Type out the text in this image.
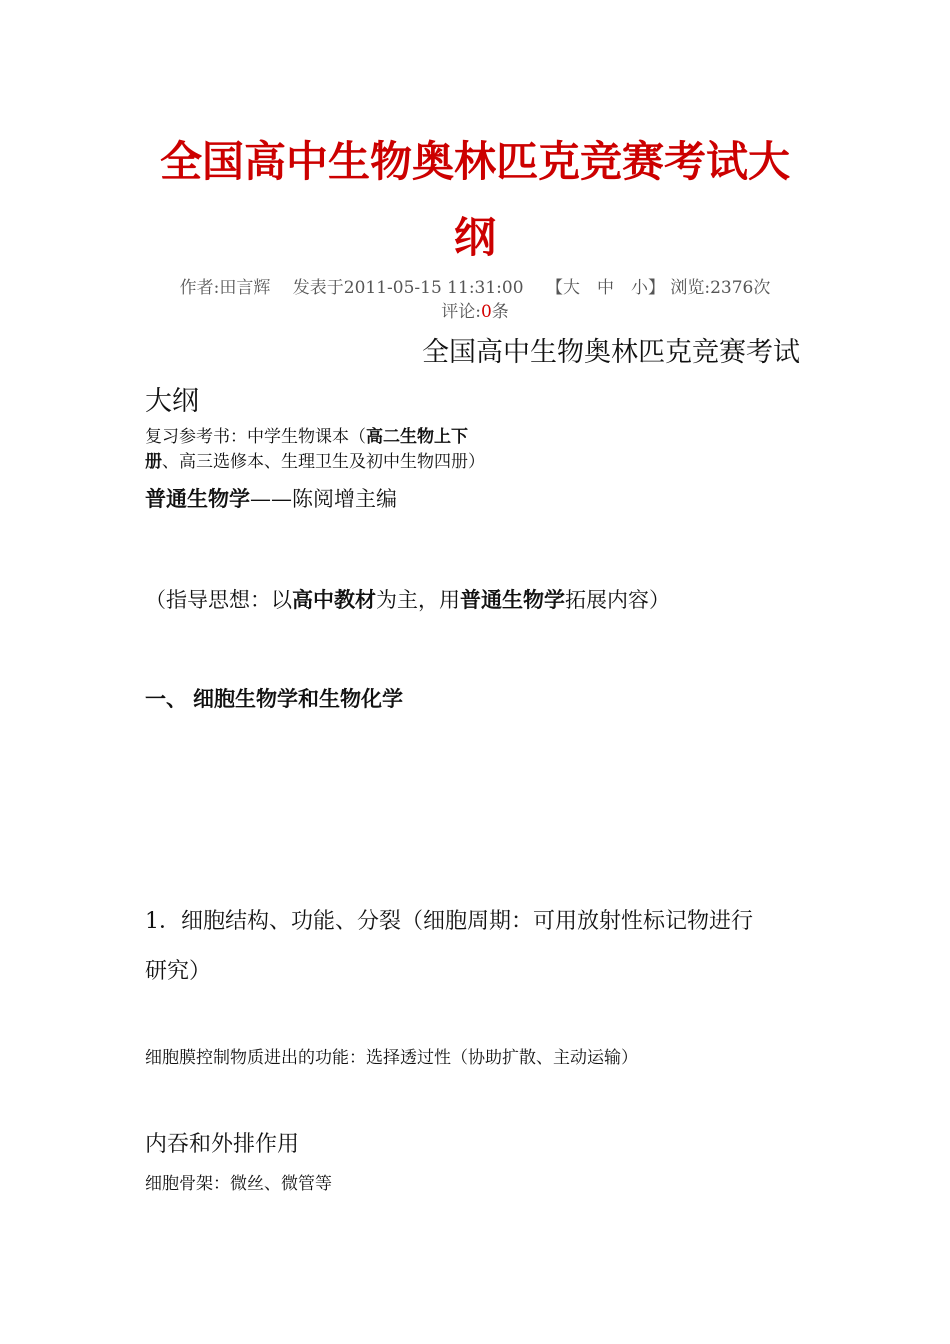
全国高中生物奥林匹克竞赛考试大
纲
作者:田言辉　 发表于2011-05-15 11:31:00　 【大　中　小】 浏览:2376次
评论:0条
全国高中生物奥林匹克竞赛考试
大纲
复习参考书：中学生物课本（高二生物上下册、高三选修本、生理卫生及初中生物四册）
普通生物学——陈阅增主编
（指导思想：以高中教材为主，用普通生物学拓展内容）
一、 细胞生物学和生物化学
1．细胞结构、功能、分裂（细胞周期：可用放射性标记物进行
研究）
细胞膜控制物质进出的功能：选择透过性（协助扩散、主动运输）
内吞和外排作用
细胞骨架：微丝、微管等
